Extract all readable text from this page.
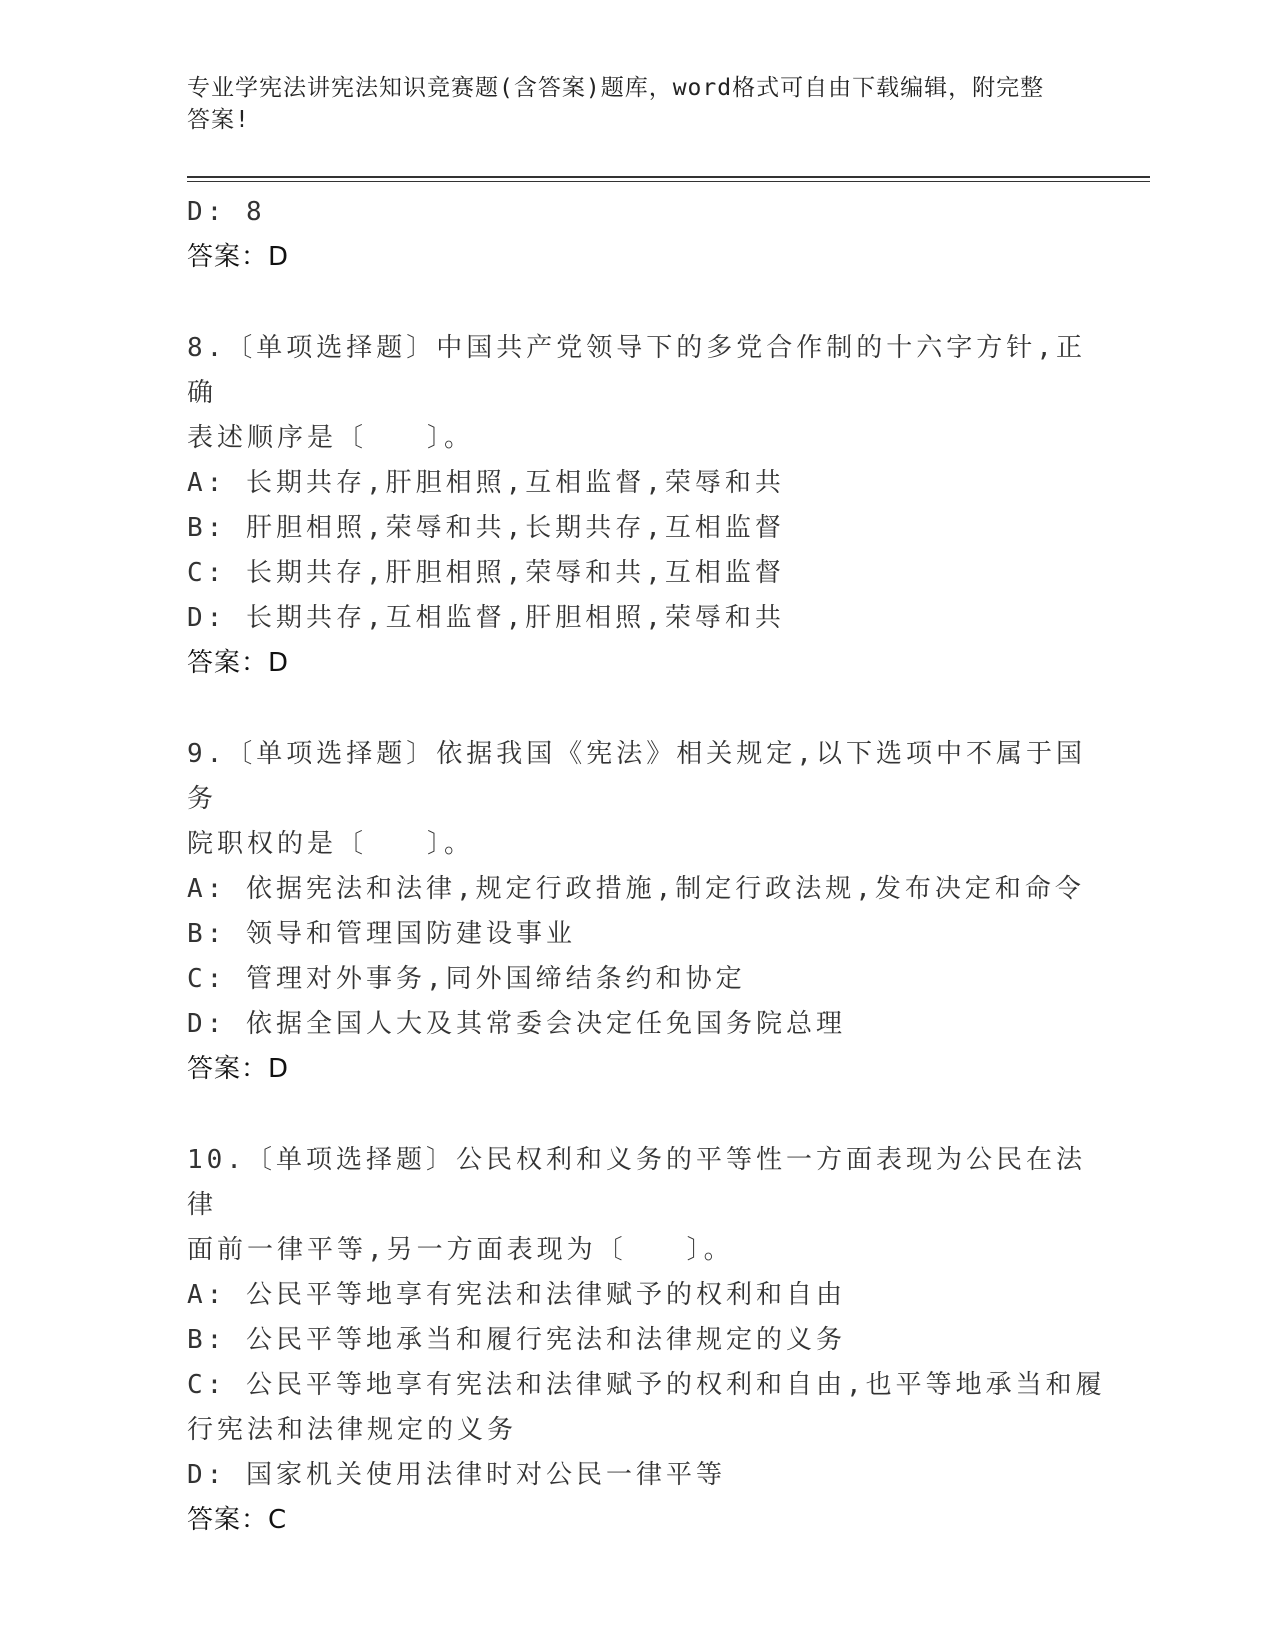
专业学宪法讲宪法知识竞赛题(含答案)题库，word格式可自由下载编辑，附完整答案!
D: 8
答案：D
8.〔单项选择题〕中国共产党领导下的多党合作制的十六字方针,正确
表述顺序是〔　　〕。
A: 长期共存,肝胆相照,互相监督,荣辱和共
B: 肝胆相照,荣辱和共,长期共存,互相监督
C: 长期共存,肝胆相照,荣辱和共,互相监督
D: 长期共存,互相监督,肝胆相照,荣辱和共
答案：D
9.〔单项选择题〕依据我国《宪法》相关规定,以下选项中不属于国务
院职权的是〔　　〕。
A: 依据宪法和法律,规定行政措施,制定行政法规,发布决定和命令
B: 领导和管理国防建设事业
C: 管理对外事务,同外国缔结条约和协定
D: 依据全国人大及其常委会决定任免国务院总理
答案：D
10.〔单项选择题〕公民权利和义务的平等性一方面表现为公民在法律
面前一律平等,另一方面表现为〔　　〕。
A: 公民平等地享有宪法和法律赋予的权利和自由
B: 公民平等地承当和履行宪法和法律规定的义务
C: 公民平等地享有宪法和法律赋予的权利和自由,也平等地承当和履
行宪法和法律规定的义务
D: 国家机关使用法律时对公民一律平等
答案：C
